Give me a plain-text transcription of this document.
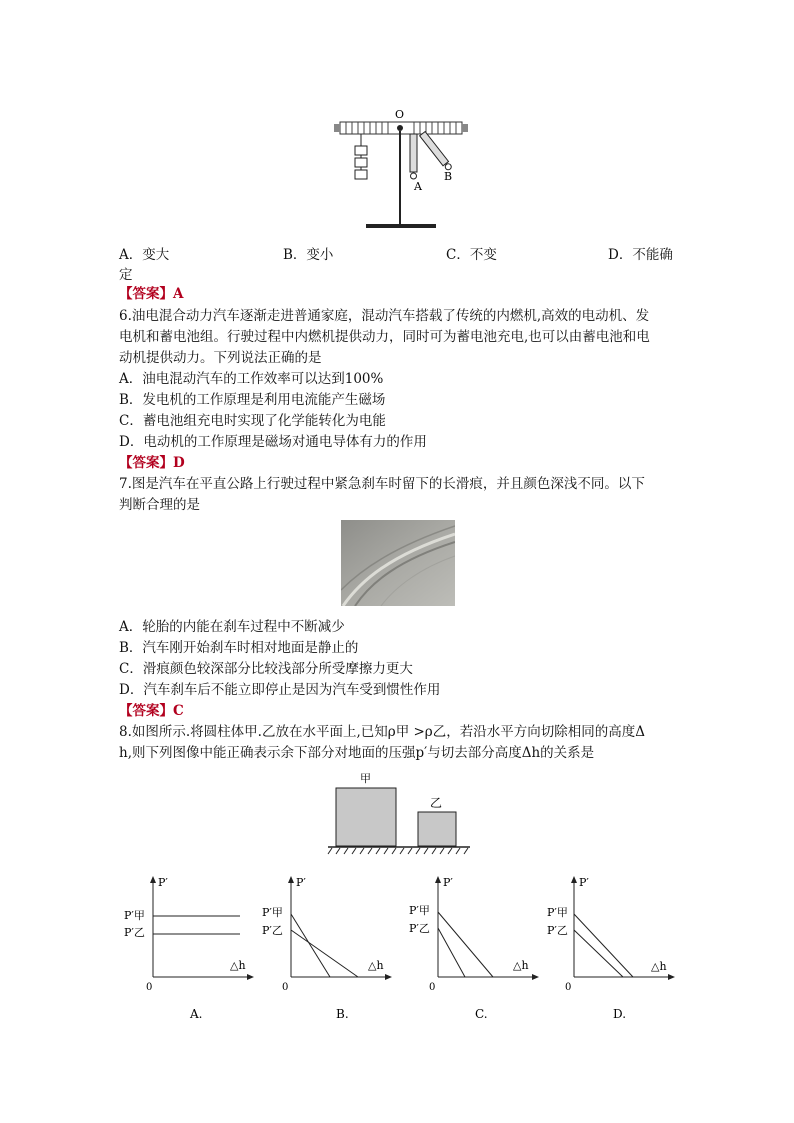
O
A
B
A．变大	B．变小	C．不变	D．不能确
定
【答案】A
6.油电混合动力汽车逐渐走进普通家庭，混动汽车搭载了传统的内燃机,高效的电动机、发
电机和蓄电池组。行驶过程中内燃机提供动力，同时可为蓄电池充电,也可以由蓄电池和电
动机提供动力。下列说法正确的是
A．油电混动汽车的工作效率可以达到100%
B．发电机的工作原理是利用电流能产生磁场
C．蓄电池组充电时实现了化学能转化为电能
D．电动机的工作原理是磁场对通电导体有力的作用
【答案】D
7.图是汽车在平直公路上行驶过程中紧急刹车时留下的长滑痕，并且颜色深浅不同。以下
判断合理的是
A．轮胎的内能在刹车过程中不断减少
B．汽车刚开始刹车时相对地面是静止的
C．滑痕颜色较深部分比较浅部分所受摩擦力更大
D．汽车刹车后不能立即停止是因为汽车受到惯性作用
【答案】C
8.如图所示.将圆柱体甲.乙放在水平面上,已知ρ甲 >ρ乙，若沿水平方向切除相同的高度Δ
h,则下列图像中能正确表示余下部分对地面的压强p′与切去部分高度Δh的关系是
甲
乙
P′
△h
0
P′甲
P′乙
A.
P′
△h
0
P′甲
P′乙
B.
P′
△h
0
P′甲
P′乙
C.
P′
△h
0
P′甲
P′乙
D.
